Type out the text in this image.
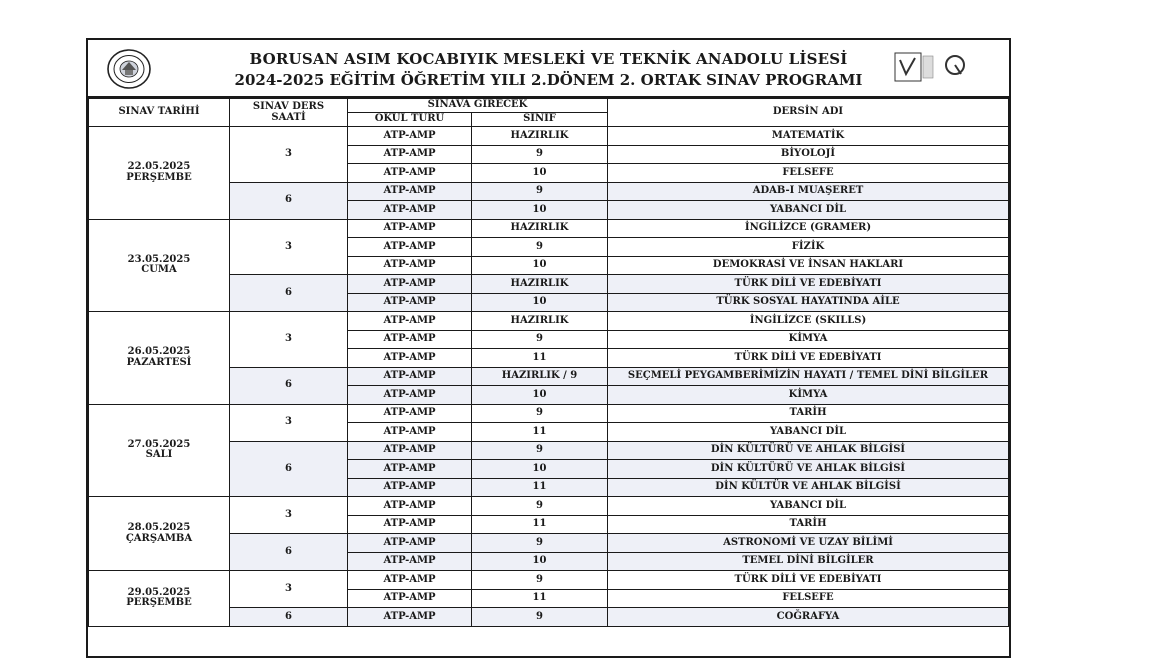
BORUSAN ASIM KOCABIYIK MESLEKİ VE TEKNİK ANADOLU LİSESİ
2024-2025 EĞİTİM ÖĞRETİM YILI 2.DÖNEM 2. ORTAK SINAV PROGRAMI
SINAV TARİHİ	SINAV DERS
SAATİ	SINAVA GİRECEK		DERSİN ADI
		OKUL TÜRÜ	SINIF	
22.05.2025
PERŞEMBE	3	ATP-AMP	HAZIRLIK	MATEMATİK
		ATP-AMP	9	BİYOLOJİ
		ATP-AMP	10	FELSEFE
	6	ATP-AMP	9	ADAB-I MUAŞERET
		ATP-AMP	10	YABANCI DİL
23.05.2025
CUMA	3	ATP-AMP	HAZIRLIK	İNGİLİZCE (GRAMER)
		ATP-AMP	9	FİZİK
		ATP-AMP	10	DEMOKRASİ VE İNSAN HAKLARI
	6	ATP-AMP	HAZIRLIK	TÜRK DİLİ VE EDEBİYATI
		ATP-AMP	10	TÜRK SOSYAL HAYATINDA AİLE
26.05.2025
PAZARTESİ	3	ATP-AMP	HAZIRLIK	İNGİLİZCE (SKILLS)
		ATP-AMP	9	KİMYA
		ATP-AMP	11	TÜRK DİLİ VE EDEBİYATI
	6	ATP-AMP	HAZIRLIK / 9	SEÇMELİ PEYGAMBERİMİZİN HAYATI / TEMEL DİNİ BİLGİLER
		ATP-AMP	10	KİMYA
27.05.2025
SALI	3	ATP-AMP	9	TARİH
		ATP-AMP	11	YABANCI DİL
	6	ATP-AMP	9	DİN KÜLTÜRÜ VE AHLAK BİLGİSİ
		ATP-AMP	10	DİN KÜLTÜRÜ VE AHLAK BİLGİSİ
		ATP-AMP	11	DİN KÜLTÜR VE AHLAK BİLGİSİ
28.05.2025
ÇARŞAMBA	3	ATP-AMP	9	YABANCI DİL
		ATP-AMP	11	TARİH
	6	ATP-AMP	9	ASTRONOMİ VE UZAY BİLİMİ
		ATP-AMP	10	TEMEL DİNİ BİLGİLER
29.05.2025
PERŞEMBE	3	ATP-AMP	9	TÜRK DİLİ VE EDEBİYATI
		ATP-AMP	11	FELSEFE
	6	ATP-AMP	9	COĞRAFYA
